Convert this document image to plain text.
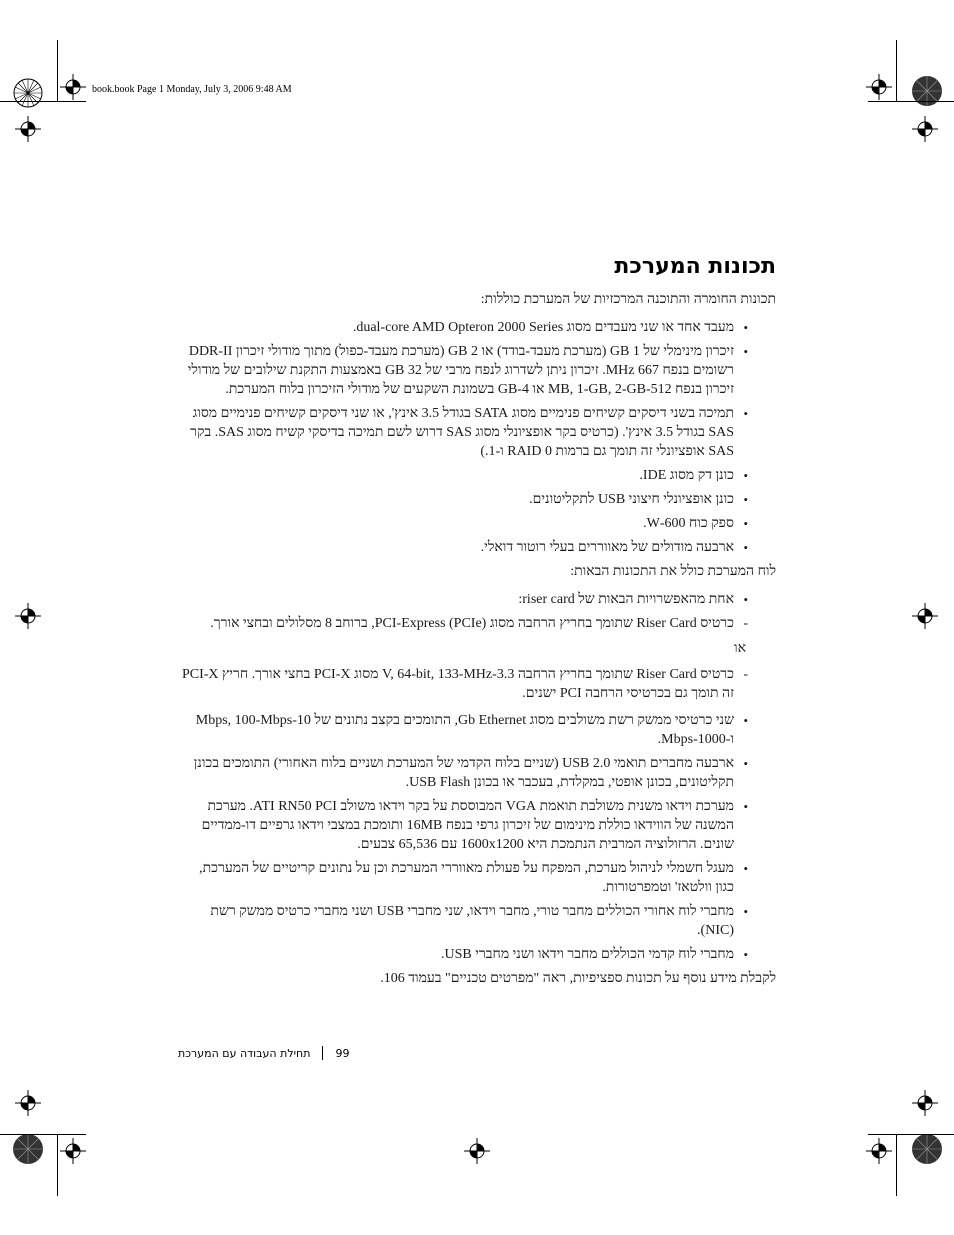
book.book Page 1 Monday, July 3, 2006 9:48 AM
תכונות המערכת

תכונות החומרה והתוכנה המרכזיות של המערכת כוללות:

• מעבד אחד או שני מעבדים מסוג dual-core AMD Opteron 2000 Series.
• זיכרון מינימלי של 1 GB (מערכת מעבד-בודד) או 2 GB (מערכת מעבד-כפול) מתוך מודולי זיכרון DDR-II רשומים בנפח 667 MHz. זיכרון ניתן לשדרוג לנפח מרבי של 32 GB באמצעות התקנת שילובים של מודולי זיכרון בנפח 512-MB, 1-GB, 2-GB או 4-GB בשמונת השקעים של מודולי הזיכרון בלוח המערכת.
• תמיכה בשני דיסקים קשיחים פנימיים מסוג SATA בגודל 3.5 אינץ', או שני דיסקים קשיחים פנימיים מסוג SAS בגודל 3.5 אינץ'. (כרטיס בקר אופציונלי מסוג SAS דרוש לשם תמיכה בדיסקי קשיח מסוג SAS. בקר SAS אופציונלי זה תומך גם ברמות RAID 0 ו-1.)
• כונן דק מסוג IDE.
• כונן אופציונלי חיצוני USB לתקליטונים.
• ספק כוח 600-W.
• ארבעה מודולים של מאווררים בעלי רוטור דואלי.

לוח המערכת כולל את התכונות הבאות:

• אחת מהאפשרויות הבאות של riser card:
-
כרטיס Riser Card שתומך בחריץ הרחבה מסוג PCI-Express (PCIe), ברוחב 8 מסלולים ובחצי אורך.
או
-
כרטיס Riser Card שתומך בחריץ הרחבה 3.3-V, 64-bit, 133-MHz מסוג PCI-X בחצי אורך. חריץ PCI-X זה תומך גם בכרטיסי הרחבה PCI ישנים.
• שני כרטיסי ממשק רשת משולבים מסוג Gb Ethernet, התומכים בקצב נתונים של 10-Mbps, 100-Mbps ו-1000-Mbps.
• ארבעה מחברים תואמי USB 2.0 (שניים בלוח הקדמי של המערכת ושניים בלוח האחורי) התומכים בכונן תקליטונים, בכונן אופטי, במקלדת, בעכבר או בכונן USB Flash.
• מערכת וידאו משנית משולבת תואמת VGA המבוססת על בקר וידאו משולב ATI RN50 PCI. מערכת המשנה של הווידאו כוללת מינימום של זיכרון גרפי בנפח 16MB ותומכת במצבי וידאו גרפיים דו-ממדיים שונים. הרזולוציה המרבית הנתמכת היא 1600x1200 עם 65,536 צבעים.
• מעגל חשמלי לניהול מערכת, המפקח על פעולת מאווררי המערכת וכן על נתונים קריטיים של המערכת, כגון וולטאז' וטמפרטורות.
• מחברי לוח אחורי הכוללים מחבר טורי, מחבר וידאו, שני מחברי USB ושני מחברי כרטיס ממשק רשת (NIC).
• מחברי לוח קדמי הכוללים מחבר וידאו ושני מחברי USB.

לקבלת מידע נוסף על תכונות ספציפיות, ראה "מפרטים טכניים" בעמוד 106.

תחילת העבודה עם המערכת 99
